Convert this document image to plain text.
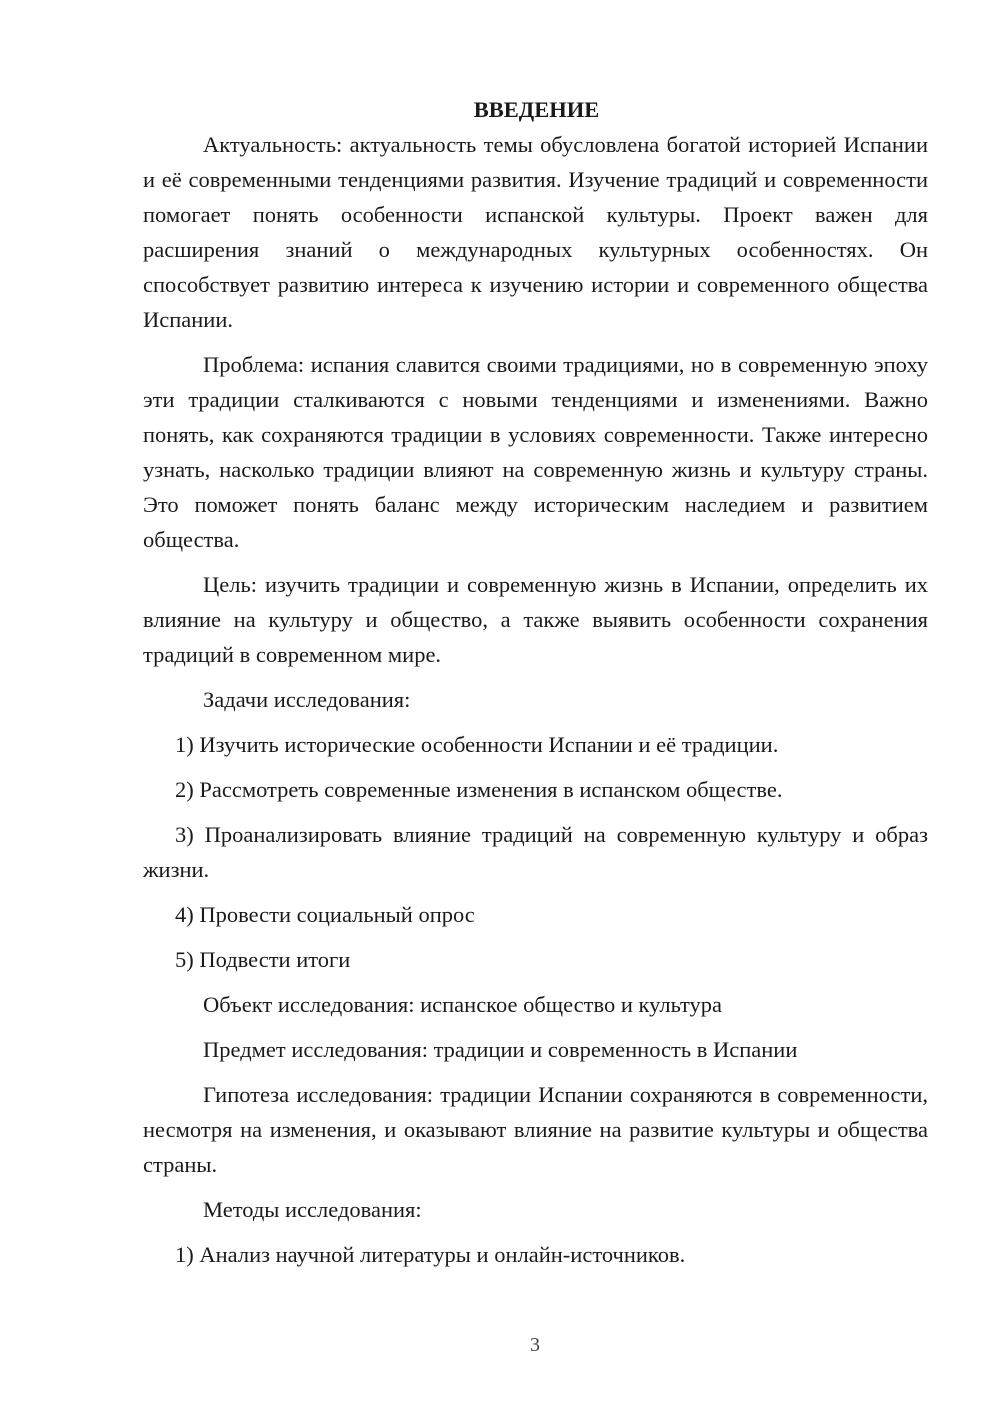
ВВЕДЕНИЕ

Актуальность: актуальность темы обусловлена богатой историей Испании и её современными тенденциями развития. Изучение традиций и современности помогает понять особенности испанской культуры. Проект важен для расширения знаний о международных культурных особенностях. Он способствует развитию интереса к изучению истории и современного общества Испании.

Проблема: испания славится своими традициями, но в современную эпоху эти традиции сталкиваются с новыми тенденциями и изменениями. Важно понять, как сохраняются традиции в условиях современности. Также интересно узнать, насколько традиции влияют на современную жизнь и культуру страны. Это поможет понять баланс между историческим наследием и развитием общества.

Цель: изучить традиции и современную жизнь в Испании, определить их влияние на культуру и общество, а также выявить особенности сохранения традиций в современном мире.

Задачи исследования:

1) Изучить исторические особенности Испании и её традиции.

2) Рассмотреть современные изменения в испанском обществе.

3) Проанализировать влияние традиций на современную культуру и образ жизни.

4) Провести социальный опрос

5) Подвести итоги

Объект исследования: испанское общество и культура

Предмет исследования: традиции и современность в Испании

Гипотеза исследования: традиции Испании сохраняются в современности, несмотря на изменения, и оказывают влияние на развитие культуры и общества страны.

Методы исследования:

1) Анализ научной литературы и онлайн-источников.

3
